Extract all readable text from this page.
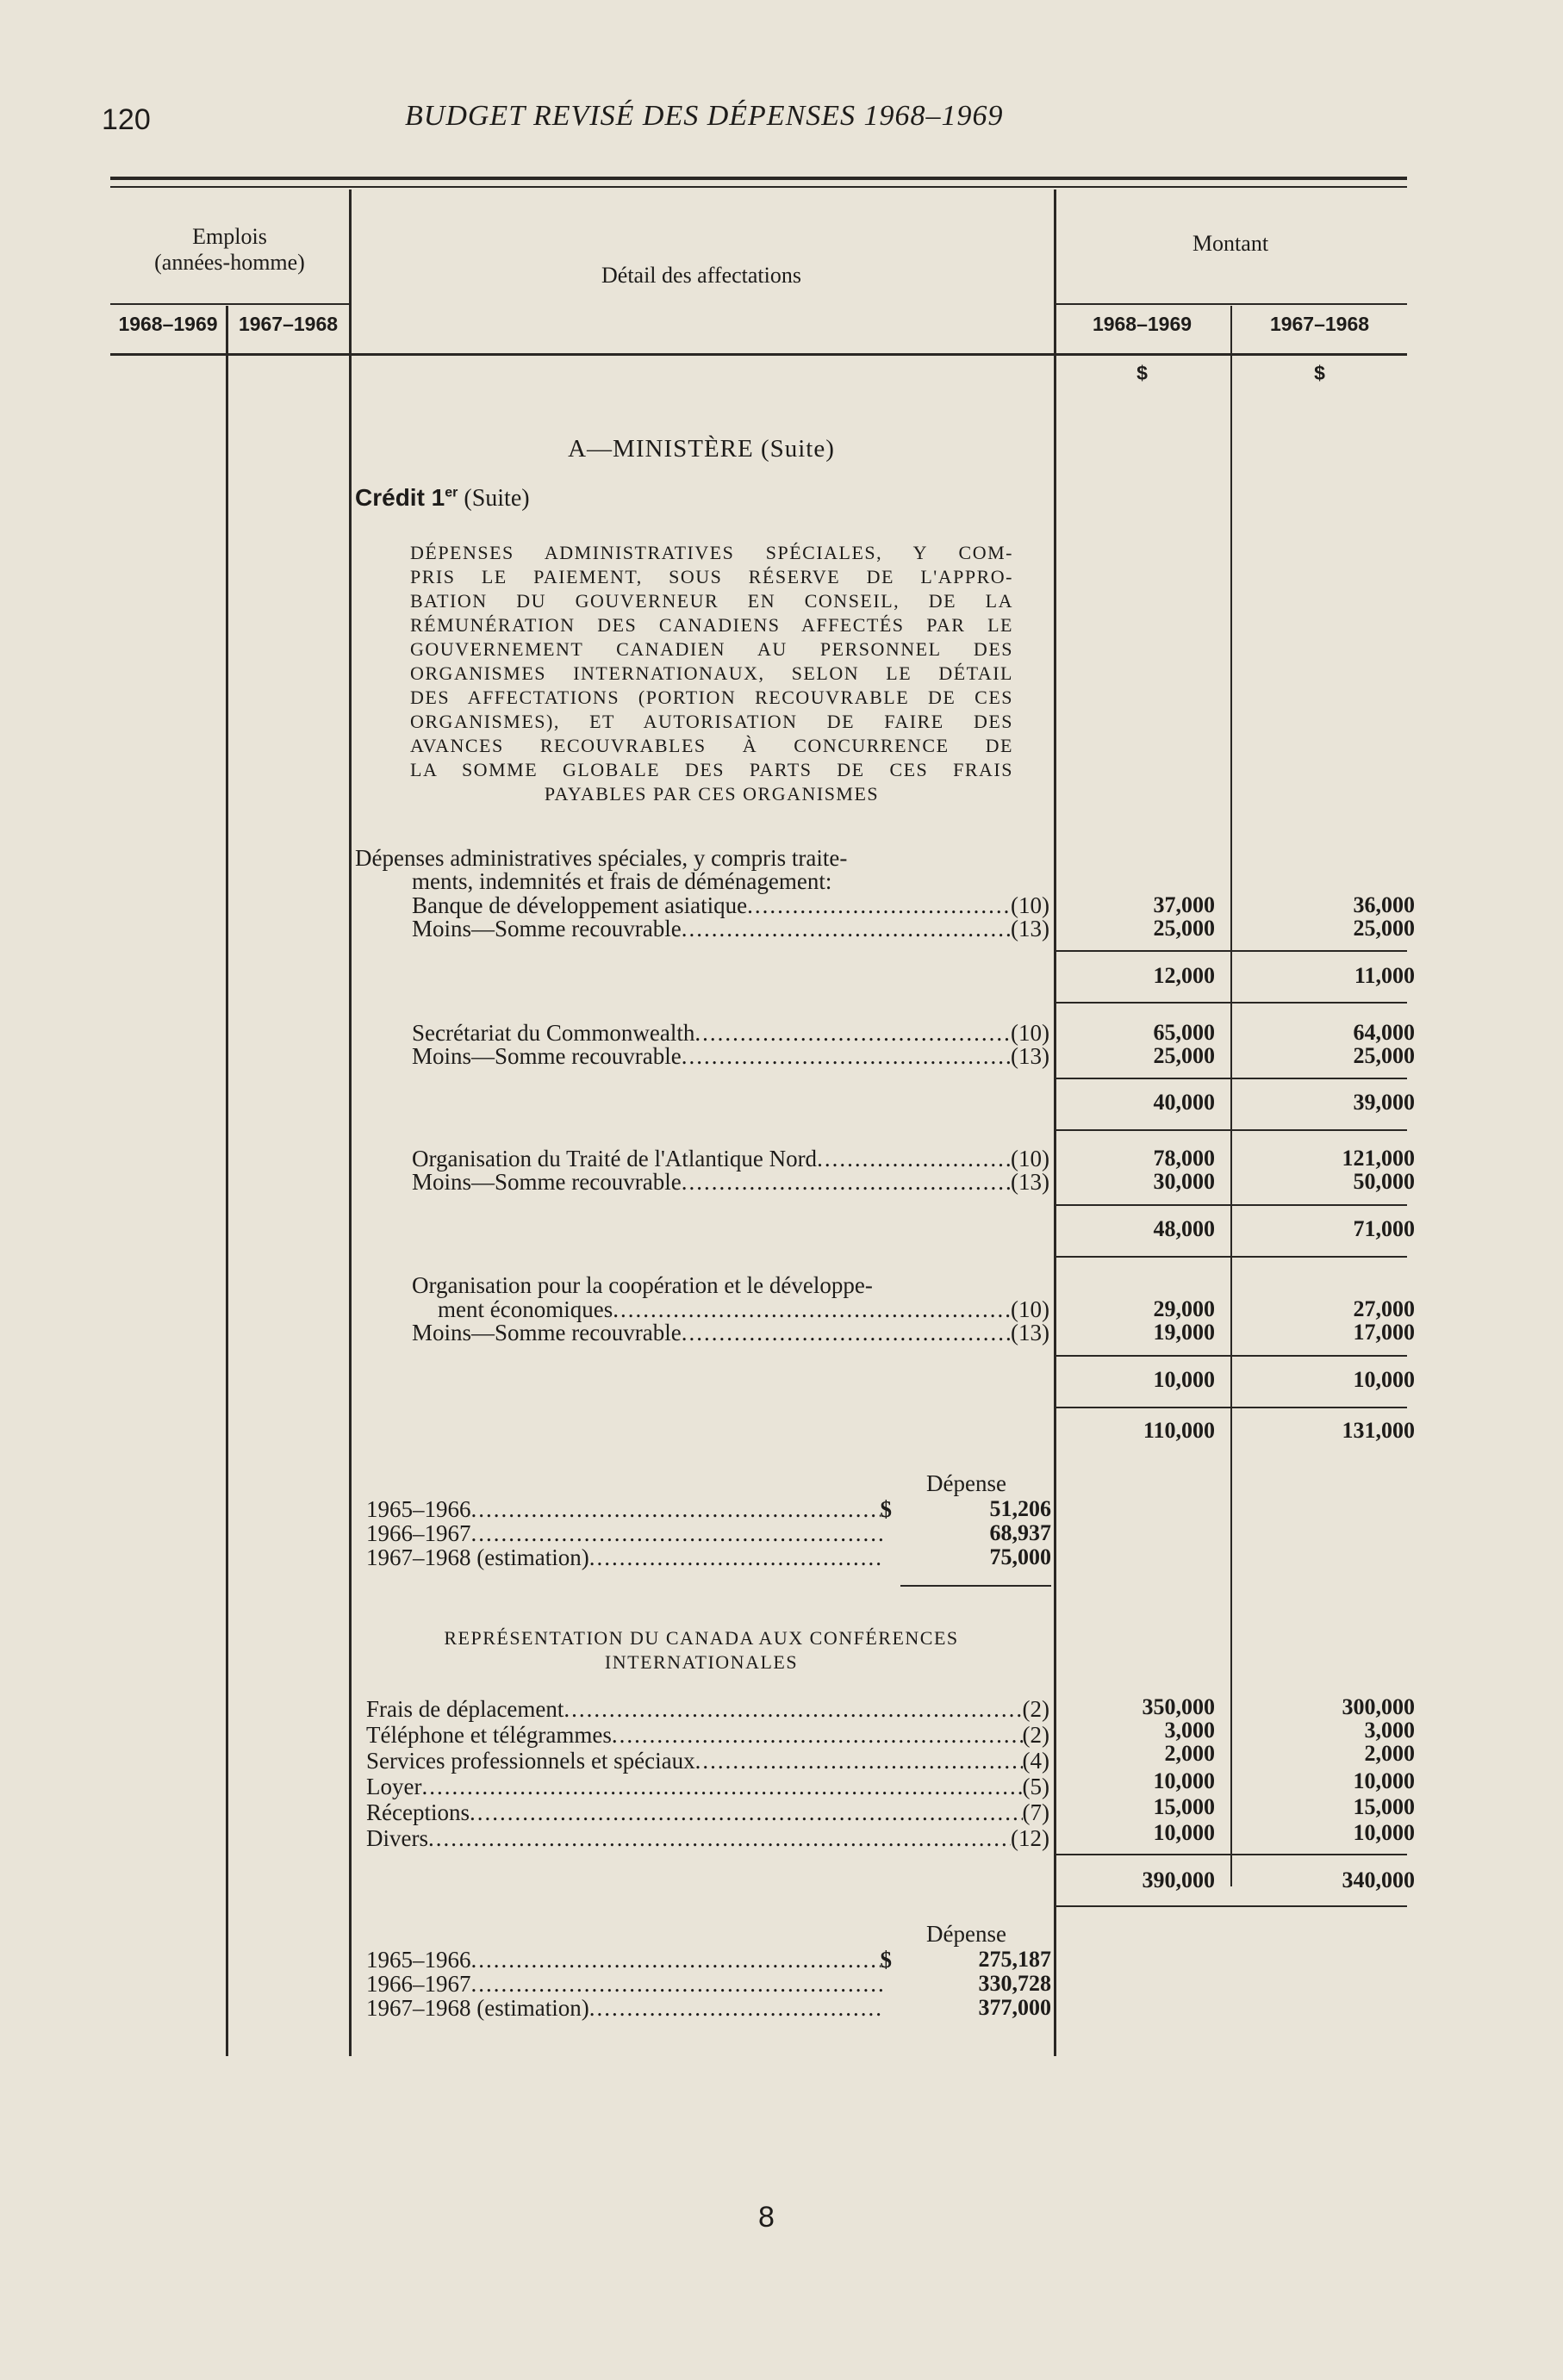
120	BUDGET REVISÉ DES DÉPENSES 1968–1969
Emplois
(années-homme)
1968–1969	1967–1968
Détail des affectations
Montant
1968–1969	1967–1968
$	$
A—MINISTÈRE (Suite)
Crédit 1er (Suite)
DÉPENSES ADMINISTRATIVES SPÉCIALES, Y COM-
PRIS LE PAIEMENT, SOUS RÉSERVE DE L'APPRO-
BATION DU GOUVERNEUR EN CONSEIL, DE LA
RÉMUNÉRATION DES CANADIENS AFFECTÉS PAR LE
GOUVERNEMENT CANADIEN AU PERSONNEL DES
ORGANISMES INTERNATIONAUX, SELON LE DÉTAIL
DES AFFECTATIONS (PORTION RECOUVRABLE DE CES
ORGANISMES), ET AUTORISATION DE FAIRE DES
AVANCES RECOUVRABLES À CONCURRENCE DE
LA SOMME GLOBALE DES PARTS DE CES FRAIS
PAYABLES PAR CES ORGANISMES
Dépenses administratives spéciales, y compris traite-
ments, indemnités et frais de déménagement:
Banque de développement asiatique .....	(10)	37,000	36,000
Moins—Somme recouvrable .....	(13)	25,000	25,000
12,000	11,000
Secrétariat du Commonwealth .....	(10)	65,000	64,000
Moins—Somme recouvrable .....	(13)	25,000	25,000
40,000	39,000
Organisation du Traité de l'Atlantique Nord .....	(10)	78,000	121,000
Moins—Somme recouvrable .....	(13)	30,000	50,000
48,000	71,000
Organisation pour la coopération et le développe-
ment économiques .....	(10)	29,000	27,000
Moins—Somme recouvrable .....	(13)	19,000	17,000
10,000	10,000
110,000	131,000
Dépense
1965–1966 .....	$	51,206
1966–1967 .....	68,937
1967–1968 (estimation) .....	75,000
REPRÉSENTATION DU CANADA AUX CONFÉRENCES
INTERNATIONALES
Frais de déplacement .....	(2)	350,000	300,000
Téléphone et télégrammes .....	(2)	3,000	3,000
Services professionnels et spéciaux .....	(4)	2,000	2,000
Loyer .....	(5)	10,000	10,000
Réceptions .....	(7)	15,000	15,000
Divers .....	(12)	10,000	10,000
390,000	340,000
Dépense
1965–1966 .....	$	275,187
1966–1967 .....	330,728
1967–1968 (estimation) .....	377,000
8
